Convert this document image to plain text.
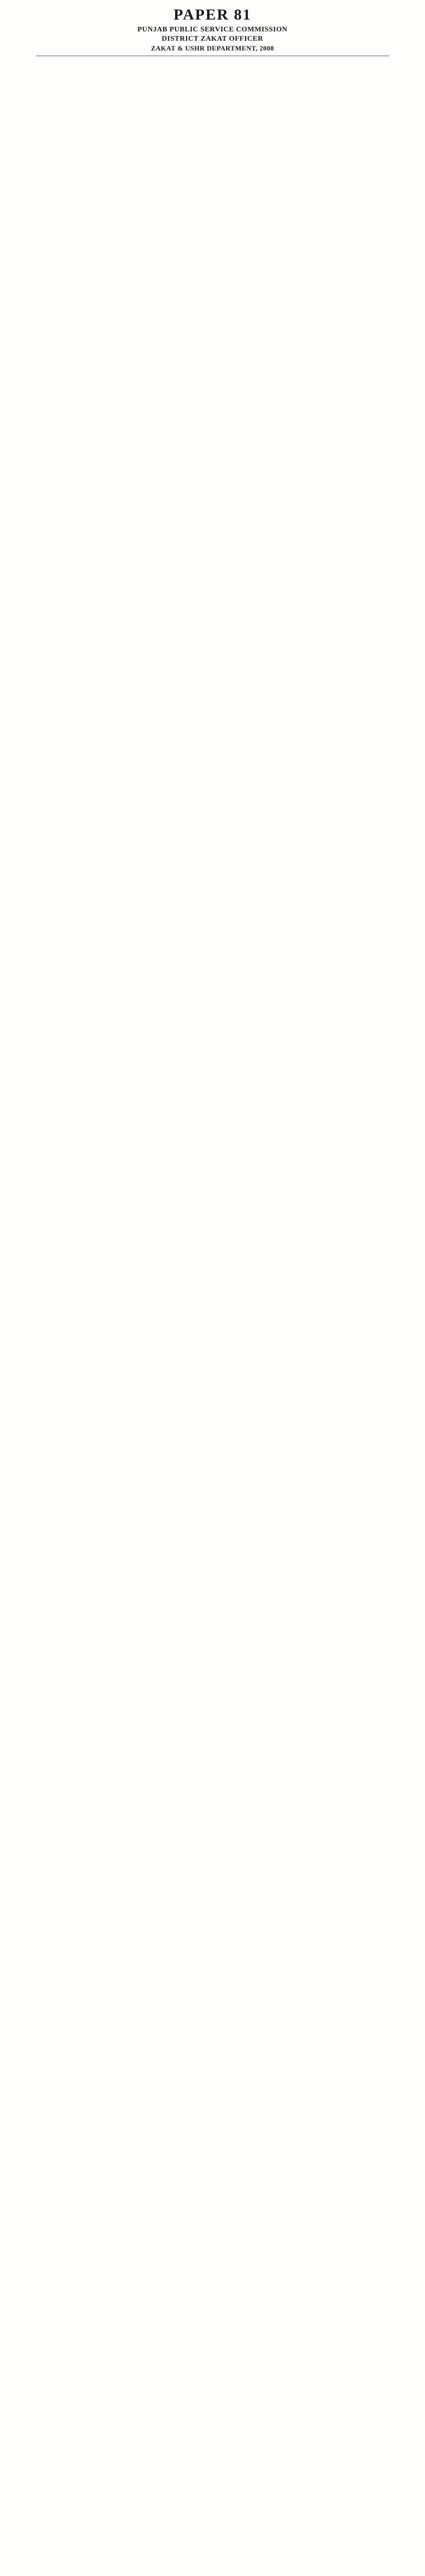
PAPER 81
PUNJAB PUBLIC SERVICE COMMISSION
DISTRICT ZAKAT OFFICER
ZAKAT & USHR DEPARTMENT, 2008
